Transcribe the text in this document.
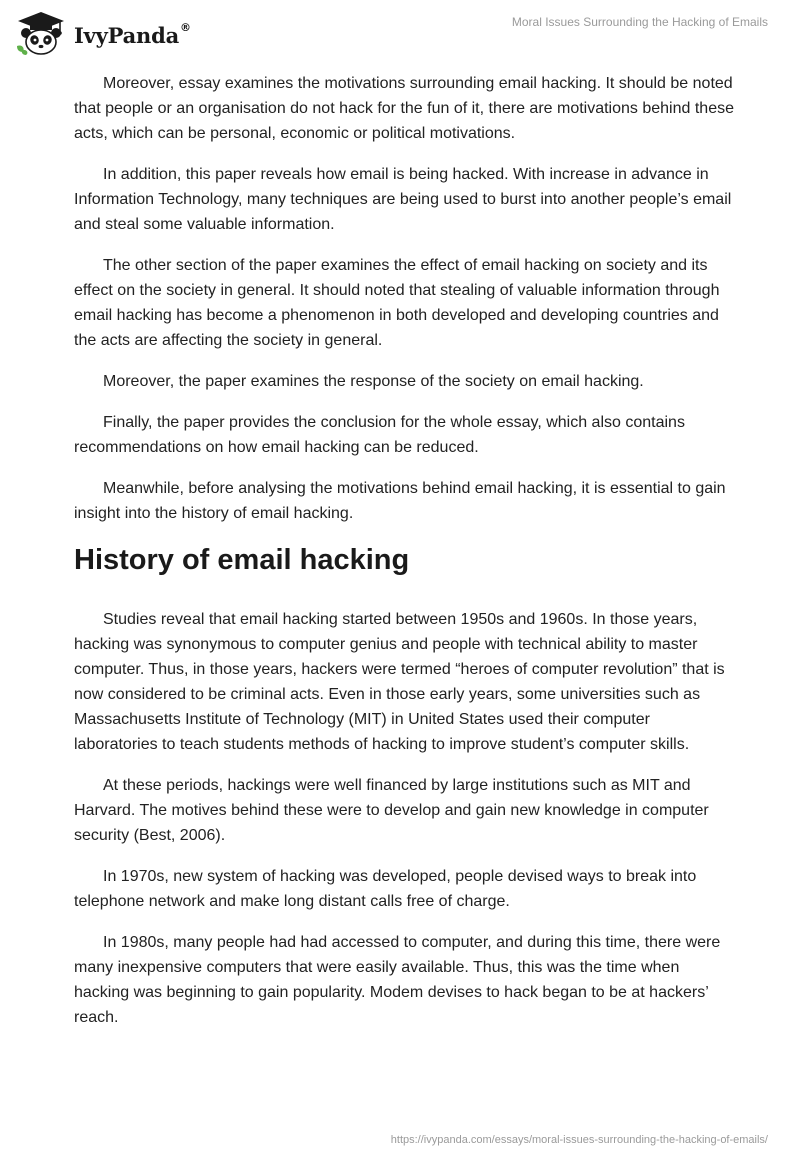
IvyPanda®	Moral Issues Surrounding the Hacking of Emails

Moreover, essay examines the motivations surrounding email hacking. It should be noted that people or an organisation do not hack for the fun of it, there are motivations behind these acts, which can be personal, economic or political motivations.

In addition, this paper reveals how email is being hacked. With increase in advance in Information Technology, many techniques are being used to burst into another people’s email and steal some valuable information.

The other section of the paper examines the effect of email hacking on society and its effect on the society in general. It should noted that stealing of valuable information through email hacking has become a phenomenon in both developed and developing countries and the acts are affecting the society in general.

Moreover, the paper examines the response of the society on email hacking.

Finally, the paper provides the conclusion for the whole essay, which also contains recommendations on how email hacking can be reduced.

Meanwhile, before analysing the motivations behind email hacking, it is essential to gain insight into the history of email hacking.

History of email hacking

Studies reveal that email hacking started between 1950s and 1960s. In those years, hacking was synonymous to computer genius and people with technical ability to master computer. Thus, in those years, hackers were termed “heroes of computer revolution” that is now considered to be criminal acts. Even in those early years, some universities such as Massachusetts Institute of Technology (MIT) in United States used their computer laboratories to teach students methods of hacking to improve student’s computer skills.

At these periods, hackings were well financed by large institutions such as MIT and Harvard. The motives behind these were to develop and gain new knowledge in computer security (Best, 2006).

In 1970s, new system of hacking was developed, people devised ways to break into telephone network and make long distant calls free of charge.

In 1980s, many people had had accessed to computer, and during this time, there were many inexpensive computers that were easily available. Thus, this was the time when hacking was beginning to gain popularity. Modem devises to hack began to be at hackers’ reach.

https://ivypanda.com/essays/moral-issues-surrounding-the-hacking-of-emails/
